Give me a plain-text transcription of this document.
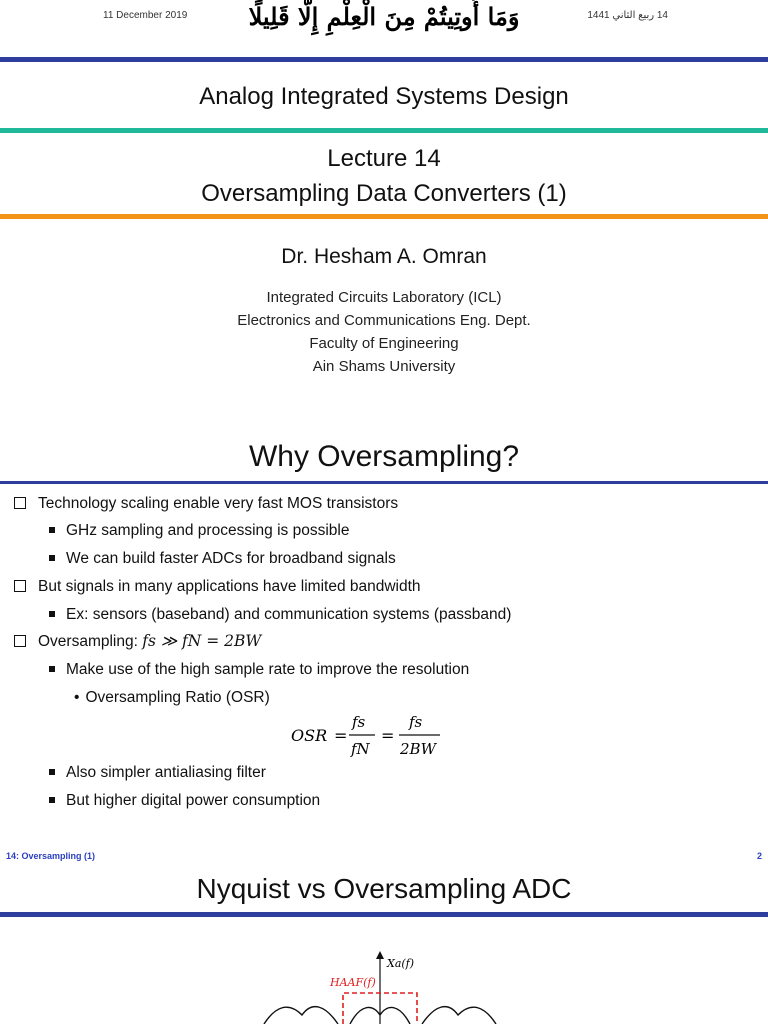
11 December 2019	وَمَا أُوتِيتُمْ مِنَ الْعِلْمِ إِلَّا قَلِيلًا	14 ربيع الثاني 1441
Analog Integrated Systems Design
Lecture 14
Oversampling Data Converters (1)
Dr. Hesham A. Omran
Integrated Circuits Laboratory (ICL)
Electronics and Communications Eng. Dept.
Faculty of Engineering
Ain Shams University
Why Oversampling?
Technology scaling enable very fast MOS transistors
GHz sampling and processing is possible
We can build faster ADCs for broadband signals
But signals in many applications have limited bandwidth
Ex: sensors (baseband) and communication systems (passband)
Oversampling: fs ≫ fN = 2BW
Make use of the high sample rate to improve the resolution
• Oversampling Ratio (OSR)
OSR =
fs
fN
=
fs
2BW
Also simpler antialiasing filter
But higher digital power consumption
14: Oversampling (1)	2
Nyquist vs Oversampling ADC
Xa(f)
HAAF(f)
